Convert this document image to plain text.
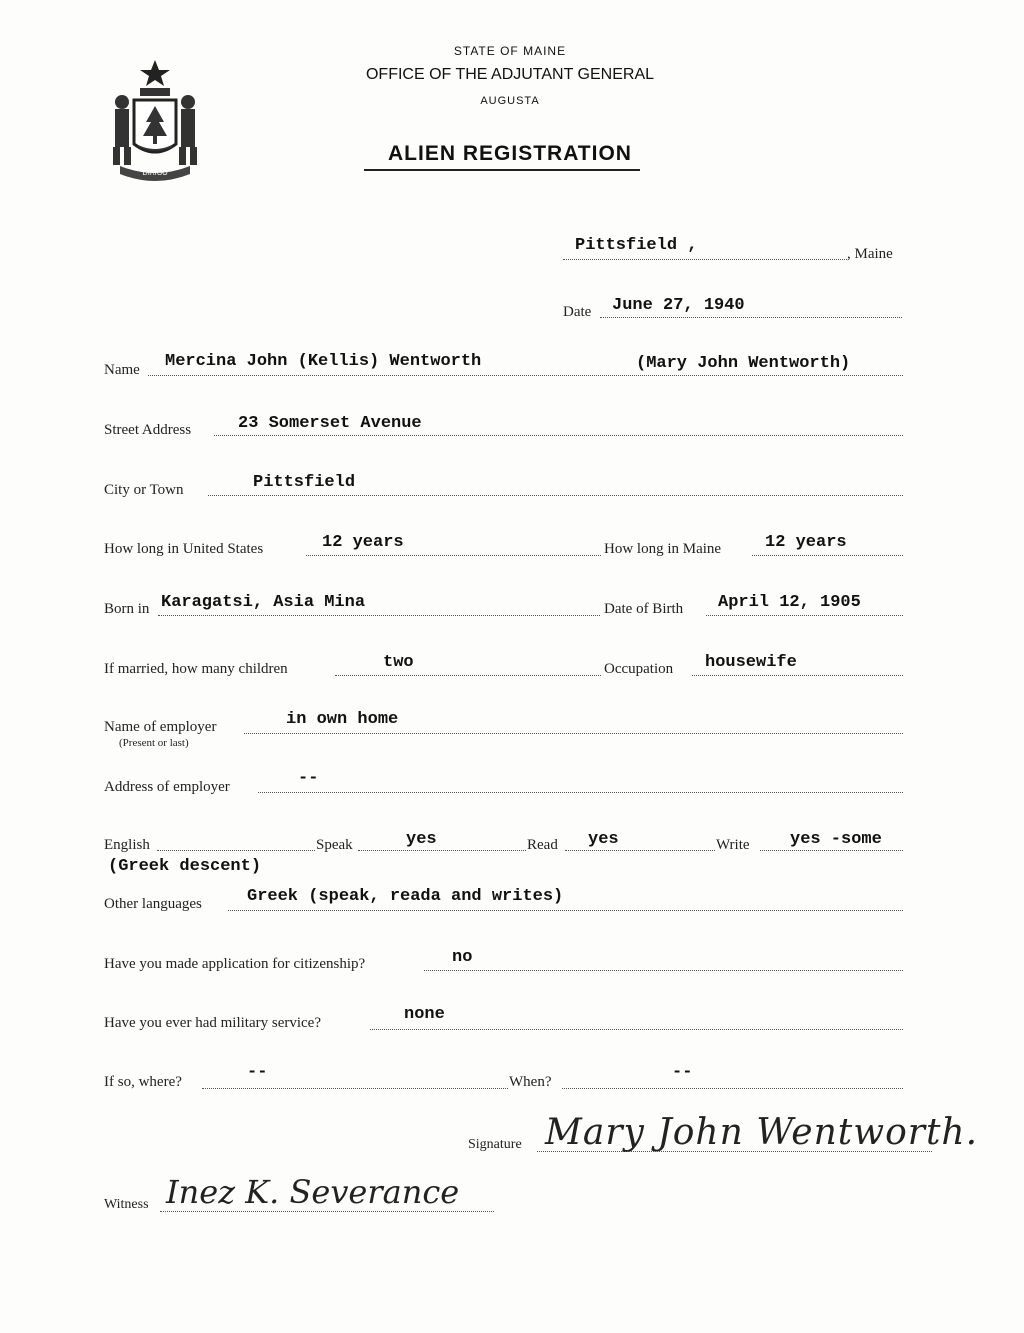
DIRIGO
STATE OF MAINE
OFFICE OF THE ADJUTANT GENERAL
AUGUSTA
ALIEN REGISTRATION
Pittsfield ,	, Maine
Date June 27, 1940
Name Mercina John (Kellis) Wentworth	(Mary John Wentworth)
Street Address	23 Somerset Avenue
City or Town	Pittsfield
How long in United States	12 years	How long in Maine	12 years
Born in Karagatsi, Asia Mina	Date of Birth April 12, 1905
If married, how many children	two	Occupation housewife
Name of employer
(Present or last)
in own home
Address of employer	--
English	Speak	yes	Read yes	Write yes -some
(Greek descent)
Other languages	Greek (speak, reada and writes)
Have you made application for citizenship?	no
Have you ever had military service?	none
If so, where?	--	When?	--
Signature Mary John Wentworth.
Witness Inez K. Severance
